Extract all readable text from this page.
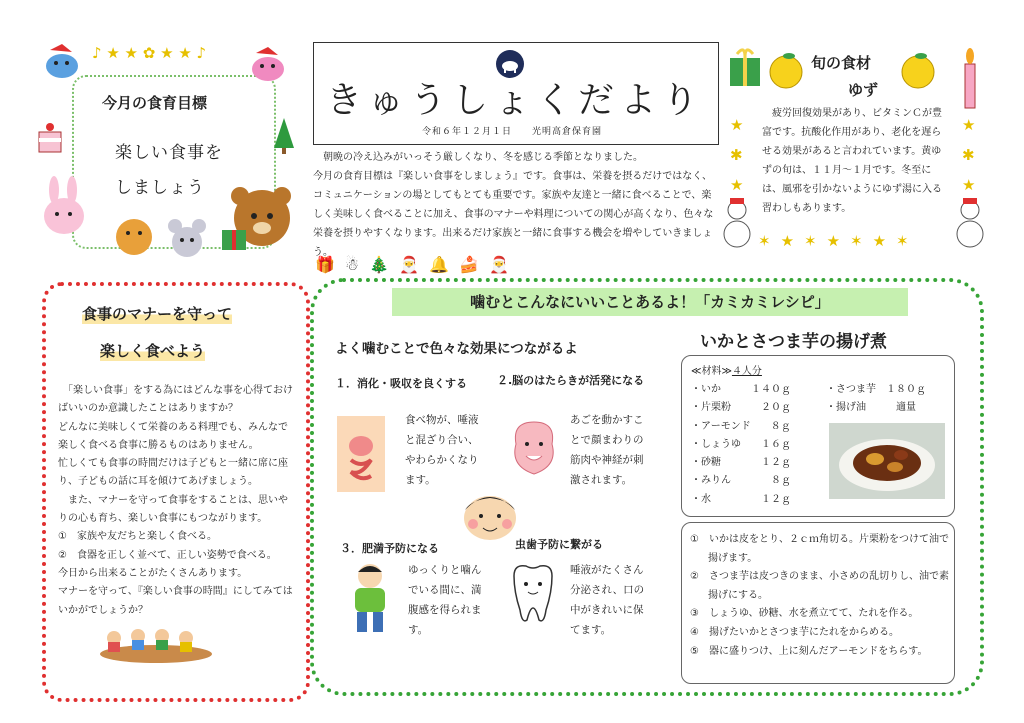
♪ ★ ★ ✿ ★ ★ ♪
今月の食育目標
楽しい食事を
しましょう
きゅうしょくだより
令和６年１２月１日　　光明高倉保育園
　朝晩の冷え込みがいっそう厳しくなり、冬を感じる季節となりました。
今月の食育目標は『楽しい食事をしましょう』です。食事は、栄養を摂るだけではなく、コミュニケーションの場としてもとても重要です。家族や友達と一緒に食べることで、楽しく美味しく食べることに加え、食事のマナーや料理についての関心が高くなり、色々な栄養を摂りやすくなります。出来るだけ家族と一緒に食事する機会を増やしていきましょう。
🎁☃🎄🎅🔔🍰🎅
✶★✶★✶★✶
★
✱
★
★
✱
★
旬の食材
ゆず
　疲労回復効果があり、ビタミンＣが豊富です。抗酸化作用があり、老化を遅らせる効果があると言われています。黄ゆずの旬は、１１月～１月です。冬至には、風邪を引かないようにゆず湯に入る習わしもあります。
食事のマナーを守って
楽しく食べよう
　「楽しい食事」をする為にはどんな事を心得ておけばいいのか意識したことはありますか？
どんなに美味しくて栄養のある料理でも、みんなで楽しく食べる食事に勝るものはありません。
忙しくても食事の時間だけは子どもと一緒に席に座り、子どもの話に耳を傾けてあげましょう。
　また、マナーを守って食事をすることは、思いやりの心も育ち、楽しい食事にもつながります。
①　家族や友だちと楽しく食べる。
②　食器を正しく並べて、正しい姿勢で食べる。
今日から出来ることがたくさんあります。
マナーを守って、『楽しい食事の時間』にしてみてはいかがでしょうか？
噛むとこんなにいいことあるよ！「カミカミレシピ」
よく噛むことで色々な効果につながるよ
１．消化・吸収を良くする
食べ物が、唾液と混ざり合い、やわらかくなります。
２.脳のはたらきが活発になる
あごを動かすことで顔まわりの筋肉や神経が刺激されます。
３．肥満予防になる
ゆっくりと噛んでいる間に、満腹感を得られます。
虫歯予防に繋がる
唾液がたくさん分泌され、口の中がきれいに保てます。
いかとさつま芋の揚げ煮
≪材料≫４人分
・いか　　　１４０ｇ
・片栗粉　　　２０ｇ
・アーモンド　　８ｇ
・しょうゆ　　１６ｇ
・砂糖　　　　１２ｇ
・みりん　　　　８ｇ
・水　　　　　１２ｇ
・さつま芋　１８０ｇ
・揚げ油　　　適量
①　いかは皮をとり、２ｃｍ角切る。片栗粉をつけて油で揚げます。
②　さつま芋は皮つきのまま、小さめの乱切りし、油で素揚げにする。
③　しょうゆ、砂糖、水を煮立てて、たれを作る。
④　揚げたいかとさつま芋にたれをからめる。
⑤　器に盛りつけ、上に刻んだアーモンドをちらす。
